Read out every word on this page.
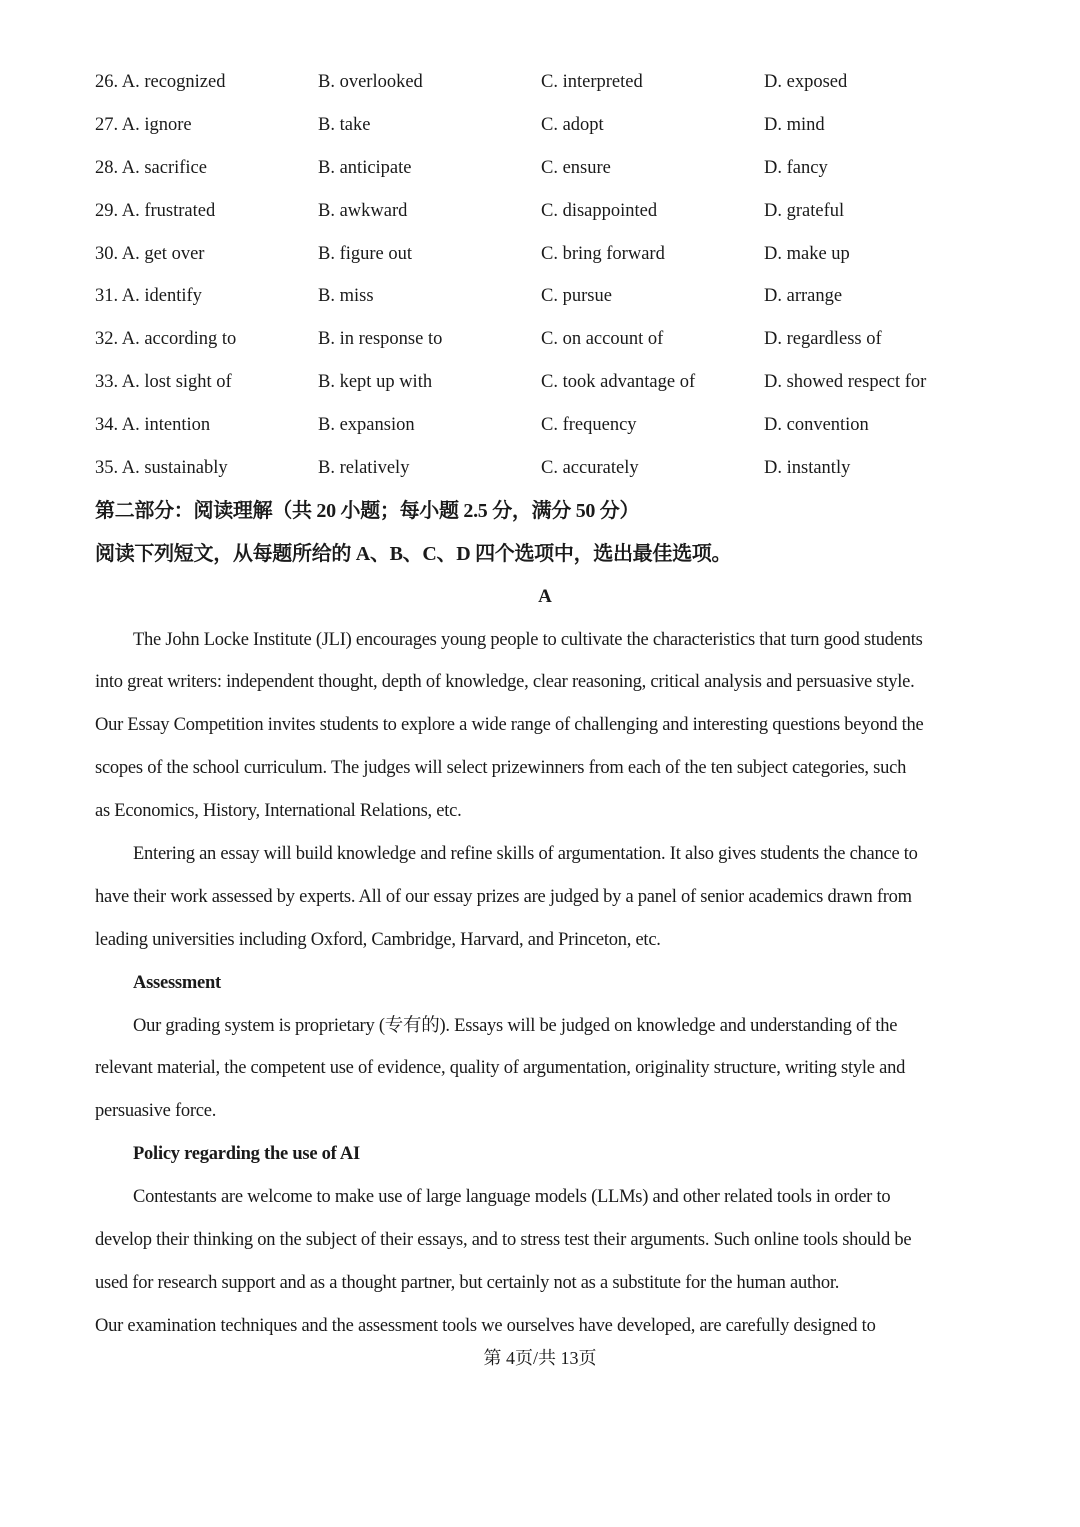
26. A. recognized	B. overlooked	C. interpreted	D. exposed
27. A. ignore	B. take	C. adopt	D. mind
28. A. sacrifice	B. anticipate	C. ensure	D. fancy
29. A. frustrated	B. awkward	C. disappointed	D. grateful
30. A. get over	B. figure out	C. bring forward	D. make up
31. A. identify	B. miss	C. pursue	D. arrange
32. A. according to	B. in response to	C. on account of	D. regardless of
33. A. lost sight of	B. kept up with	C. took advantage of	D. showed respect for
34. A. intention	B. expansion	C. frequency	D. convention
35. A. sustainably	B. relatively	C. accurately	D. instantly
第二部分：阅读理解（共 20 小题；每小题 2.5 分，满分 50 分）
阅读下列短文，从每题所给的 A、B、C、D 四个选项中，选出最佳选项。
A
The John Locke Institute (JLI) encourages young people to cultivate the characteristics that turn good students
into great writers: independent thought, depth of knowledge, clear reasoning, critical analysis and persuasive style.
Our Essay Competition invites students to explore a wide range of challenging and interesting questions beyond the
scopes of the school curriculum. The judges will select prizewinners from each of the ten subject categories, such
as Economics, History, International Relations, etc.
Entering an essay will build knowledge and refine skills of argumentation. It also gives students the chance to
have their work assessed by experts. All of our essay prizes are judged by a panel of senior academics drawn from
leading universities including Oxford, Cambridge, Harvard, and Princeton, etc.
Assessment
Our grading system is proprietary (专有的). Essays will be judged on knowledge and understanding of the
relevant material, the competent use of evidence, quality of argumentation, originality structure, writing style and
persuasive force.
Policy regarding the use of AI
Contestants are welcome to make use of large language models (LLMs) and other related tools in order to
develop their thinking on the subject of their essays, and to stress test their arguments. Such online tools should be
used for research support and as a thought partner, but certainly not as a substitute for the human author.
Our examination techniques and the assessment tools we ourselves have developed, are carefully designed to
第 4页/共 13页
